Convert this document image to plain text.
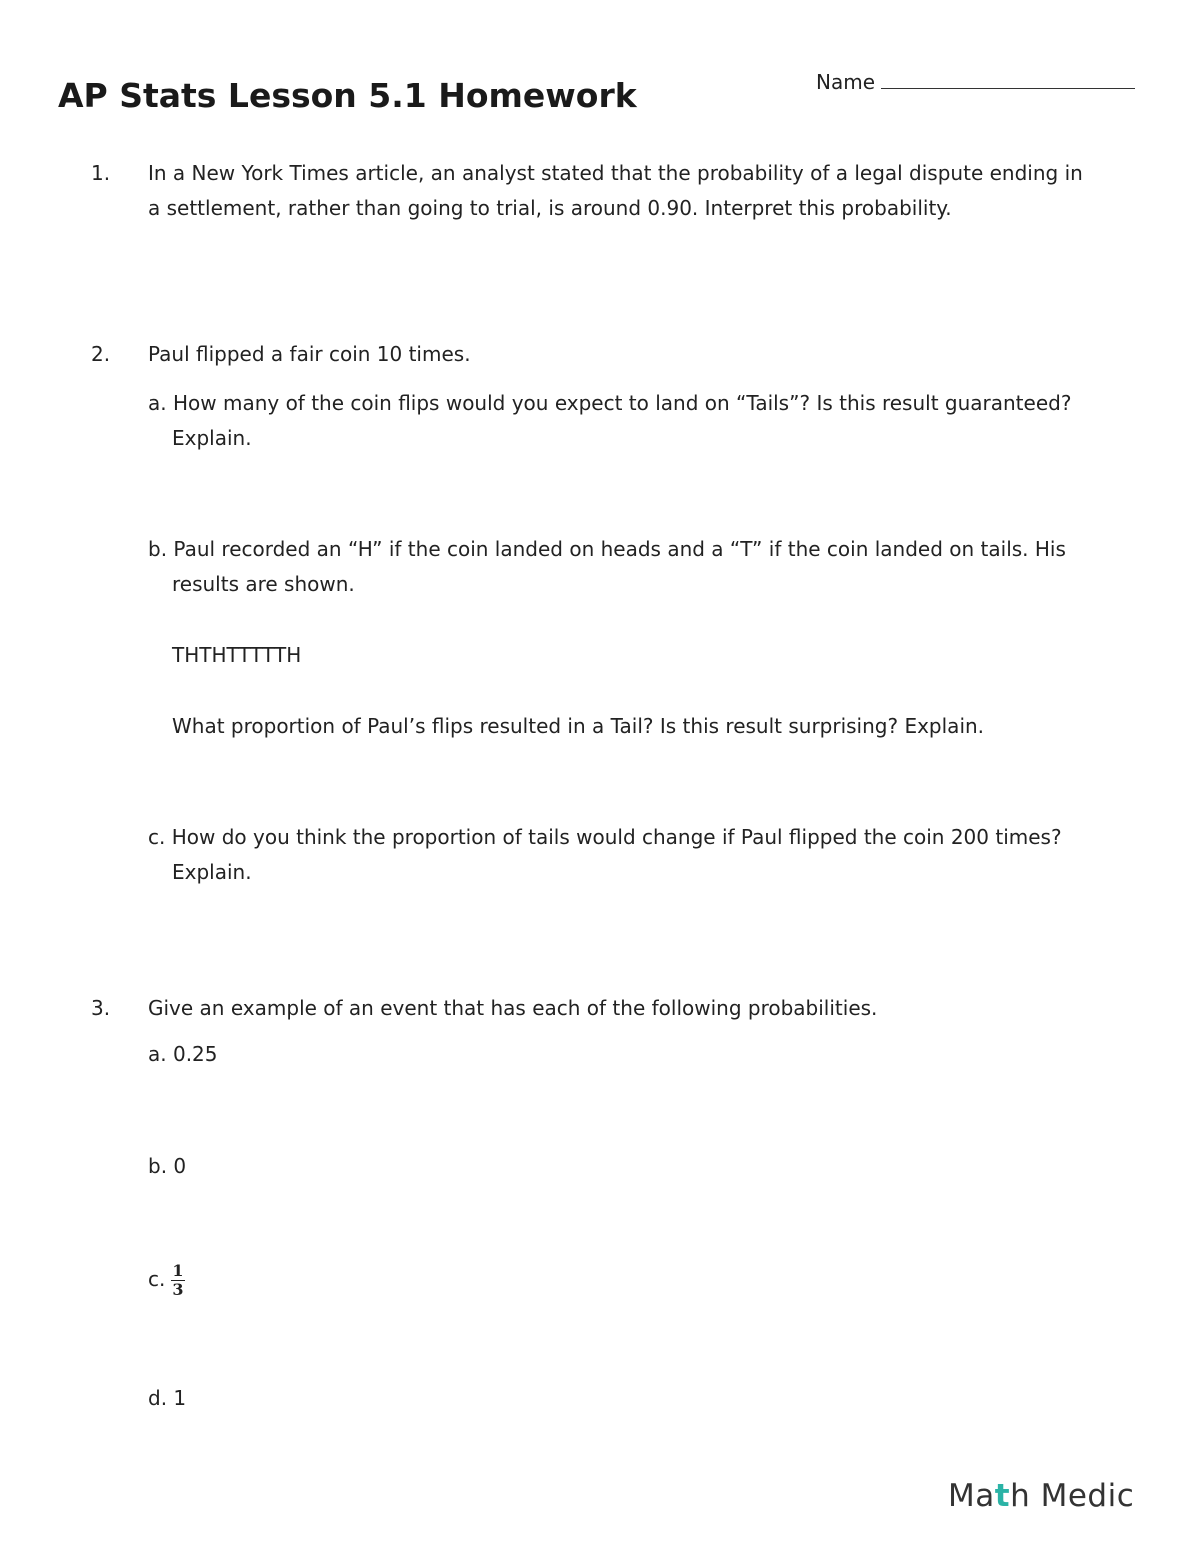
AP Stats Lesson 5.1 Homework	Name
1. In a New York Times article, an analyst stated that the probability of a legal dispute ending in
a settlement, rather than going to trial, is around 0.90. Interpret this probability.
2. Paul flipped a fair coin 10 times.
a. How many of the coin flips would you expect to land on “Tails”? Is this result guaranteed?
Explain.
b. Paul recorded an “H” if the coin landed on heads and a “T” if the coin landed on tails. His
results are shown.
THTHTTTTTH
What proportion of Paul’s flips resulted in a Tail? Is this result surprising? Explain.
c. How do you think the proportion of tails would change if Paul flipped the coin 200 times?
Explain.
3. Give an example of an event that has each of the following probabilities.
a. 0.25
b. 0
c. $\frac{1}{3}$
d. 1
Math Medic
